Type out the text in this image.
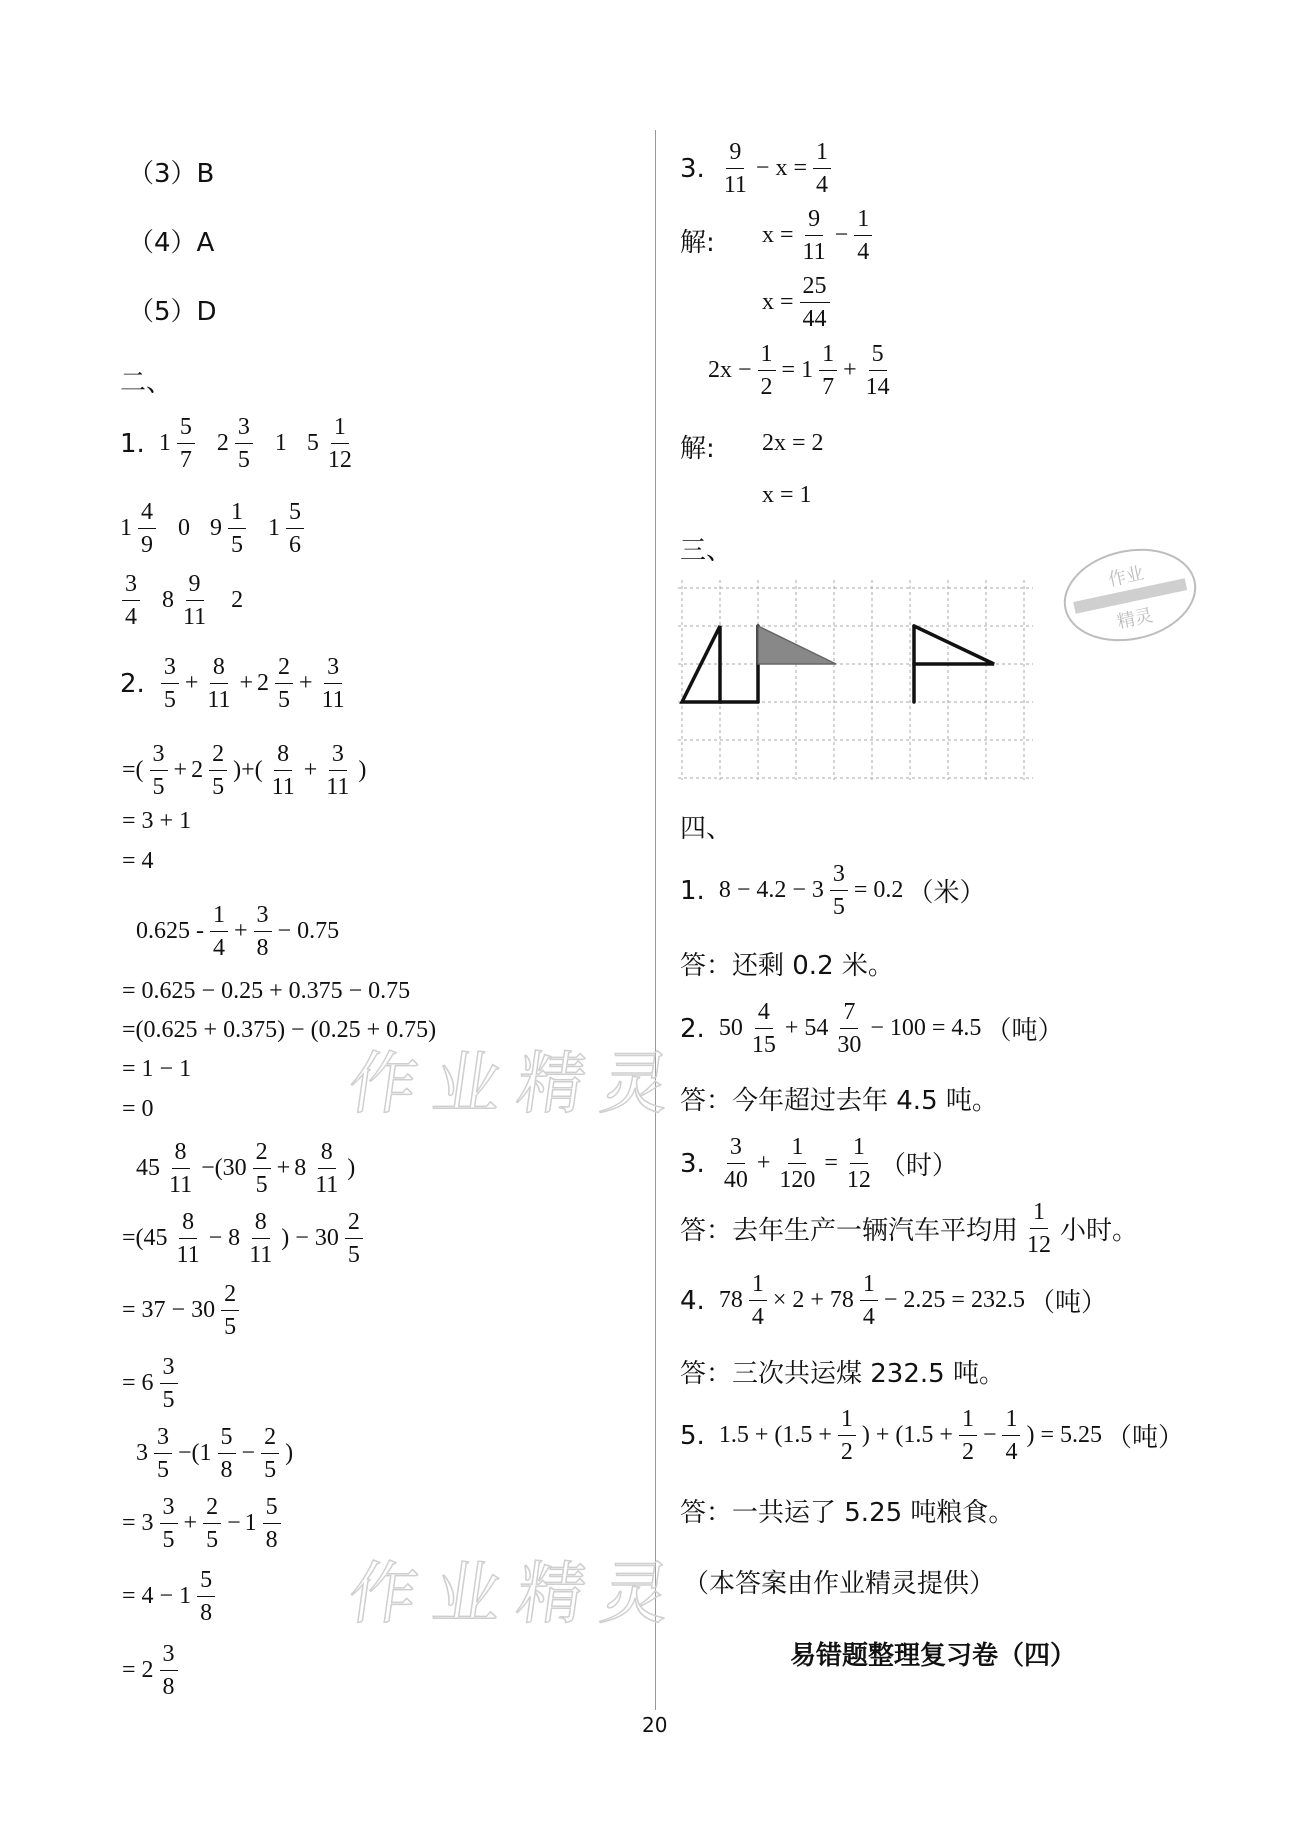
（3）B
（4）A
（5）D
二、
1.
$1 \frac{5}{7}$
$2 \frac{3}{5}$
1
$5 \frac{1}{12}$
$1 \frac{4}{9}$
0
$9 \frac{1}{5}$
$1 \frac{5}{6}$
$\frac{3}{4}$
$8 \frac{9}{11}$
2
2.
$\frac{3}{5} + \frac{8}{11} + 2 \frac{2}{5} + \frac{3}{11}$
=( $\frac{3}{5} + 2 \frac{2}{5}$ )+( $\frac{8}{11} + \frac{3}{11}$ )
= 3 + 1
= 4
$0.625 - \frac{1}{4} + \frac{3}{8} - 0.75$
= 0.625 − 0.25 + 0.375 − 0.75
=(0.625 + 0.375) − (0.25 + 0.75)
= 1 − 1
= 0
$45 \frac{8}{11} -(30 \frac{2}{5} + 8 \frac{8}{11}$ )
$=(45 \frac{8}{11} - 8 \frac{8}{11}$ ) − $30 \frac{2}{5}$
= $37 - 30 \frac{2}{5}$
= $6 \frac{3}{5}$
$3 \frac{3}{5} -(1 \frac{5}{8} - \frac{2}{5}$ )
= $3 \frac{3}{5} + \frac{2}{5} - 1 \frac{5}{8}$
= $4 - 1 \frac{5}{8}$
= $2 \frac{3}{8}$
作业精灵
作业精灵
3.
$\frac{9}{11} - x = \frac{1}{4}$
解: $x = \frac{9}{11} - \frac{1}{4}$
$x = \frac{25}{44}$
$2x - \frac{1}{2} = 1 \frac{1}{7} + \frac{5}{14}$
解: 2x = 2
x = 1
三、
作业
精灵
四、
1.
$8 - 4.2 - 3 \frac{3}{5} = 0.2$ （米）
答：还剩 0.2 米。
2.
$50 \frac{4}{15} + 54 \frac{7}{30} - 100 = 4.5$ （吨）
答：今年超过去年 4.5 吨。
3.
$\frac{3}{40} + \frac{1}{120} = \frac{1}{12}$ （时）
答：去年生产一辆汽车平均用 $\frac{1}{12}$ 小时。
4.
$78 \frac{1}{4} \times 2 + 78 \frac{1}{4} - 2.25 = 232.5$ （吨）
答：三次共运煤 232.5 吨。
5.
$1.5 + (1.5 + \frac{1}{2}$ ) + ($1.5 + \frac{1}{2} - \frac{1}{4}$ ) = 5.25 （吨）
答：一共运了 5.25 吨粮食。
（本答案由作业精灵提供）
易错题整理复习卷（四）
20
